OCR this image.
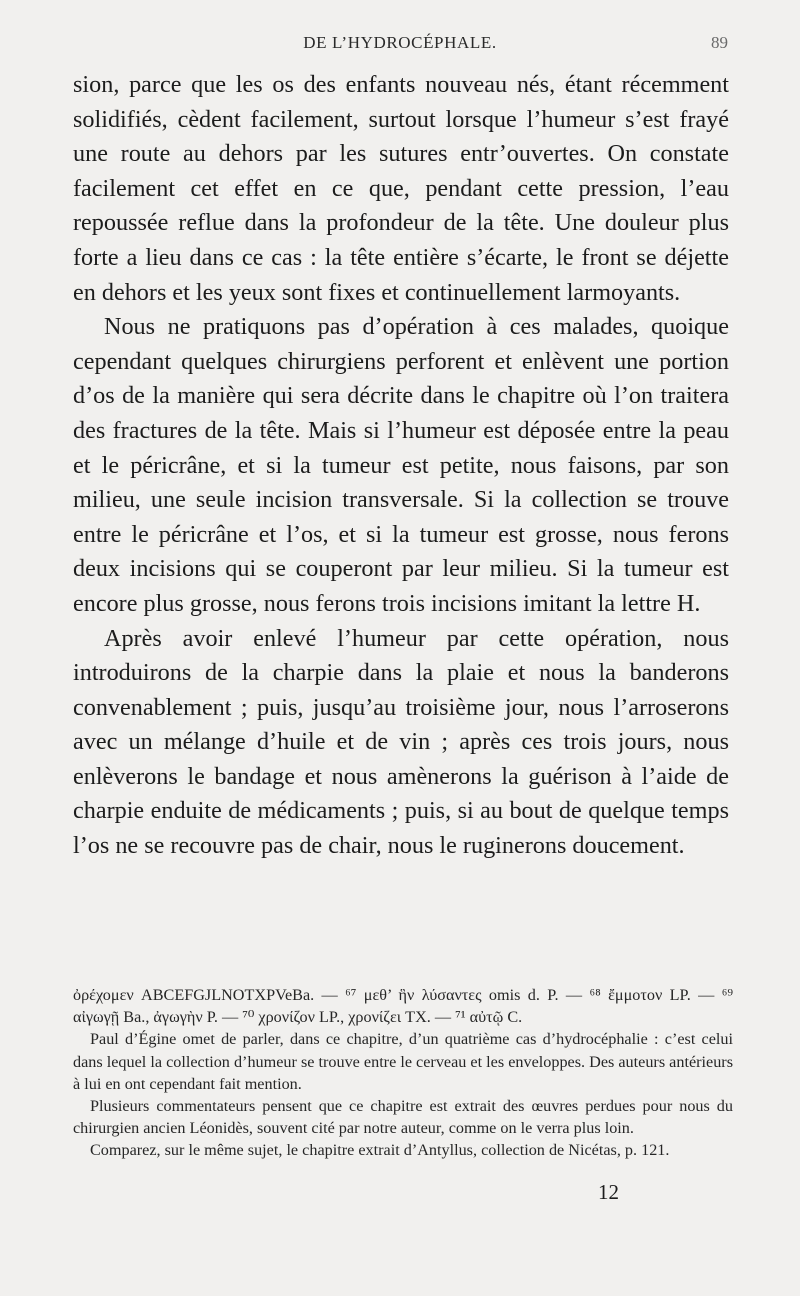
DE L’HYDROCÉPHALE.	89

sion, parce que les os des enfants nouveau nés, étant récemment solidifiés, cèdent facilement, surtout lorsque l’humeur s’est frayé une route au dehors par les sutures entr’ouvertes. On constate facilement cet effet en ce que, pendant cette pression, l’eau repoussée reflue dans la profondeur de la tête. Une douleur plus forte a lieu dans ce cas : la tête entière s’écarte, le front se déjette en dehors et les yeux sont fixes et continuellement larmoyants.

Nous ne pratiquons pas d’opération à ces malades, quoique cependant quelques chirurgiens perforent et enlèvent une portion d’os de la manière qui sera décrite dans le chapitre où l’on traitera des fractures de la tête. Mais si l’humeur est déposée entre la peau et le péricrâne, et si la tumeur est petite, nous faisons, par son milieu, une seule incision transversale. Si la collection se trouve entre le péricrâne et l’os, et si la tumeur est grosse, nous ferons deux incisions qui se couperont par leur milieu. Si la tumeur est encore plus grosse, nous ferons trois incisions imitant la lettre H.

Après avoir enlevé l’humeur par cette opération, nous introduirons de la charpie dans la plaie et nous la banderons convenablement ; puis, jusqu’au troisième jour, nous l’arroserons avec un mélange d’huile et de vin ; après ces trois jours, nous enlèverons le bandage et nous amènerons la guérison à l’aide de charpie enduite de médicaments ; puis, si au bout de quelque temps l’os ne se recouvre pas de chair, nous le ruginerons doucement.

ὀρέχομεν ABCEFGJLNOTXPVeBa. — ⁶⁷ μεθ’ ἣν λύσαντες omis d. P. — ⁶⁸ ἔμμοτον LP. — ⁶⁹ αἰγωγῇ Ba., ἀγωγὴν P. — ⁷⁰ χρονίζον LP., χρονίζει TX. — ⁷¹ αὐτῷ C.

Paul d’Égine omet de parler, dans ce chapitre, d’un quatrième cas d’hydrocéphalie : c’est celui dans lequel la collection d’humeur se trouve entre le cerveau et les enveloppes. Des auteurs antérieurs à lui en ont cependant fait mention.

Plusieurs commentateurs pensent que ce chapitre est extrait des œuvres perdues pour nous du chirurgien ancien Léonidès, souvent cité par notre auteur, comme on le verra plus loin.

Comparez, sur le même sujet, le chapitre extrait d’Antyllus, collection de Nicétas, p. 121.

12
